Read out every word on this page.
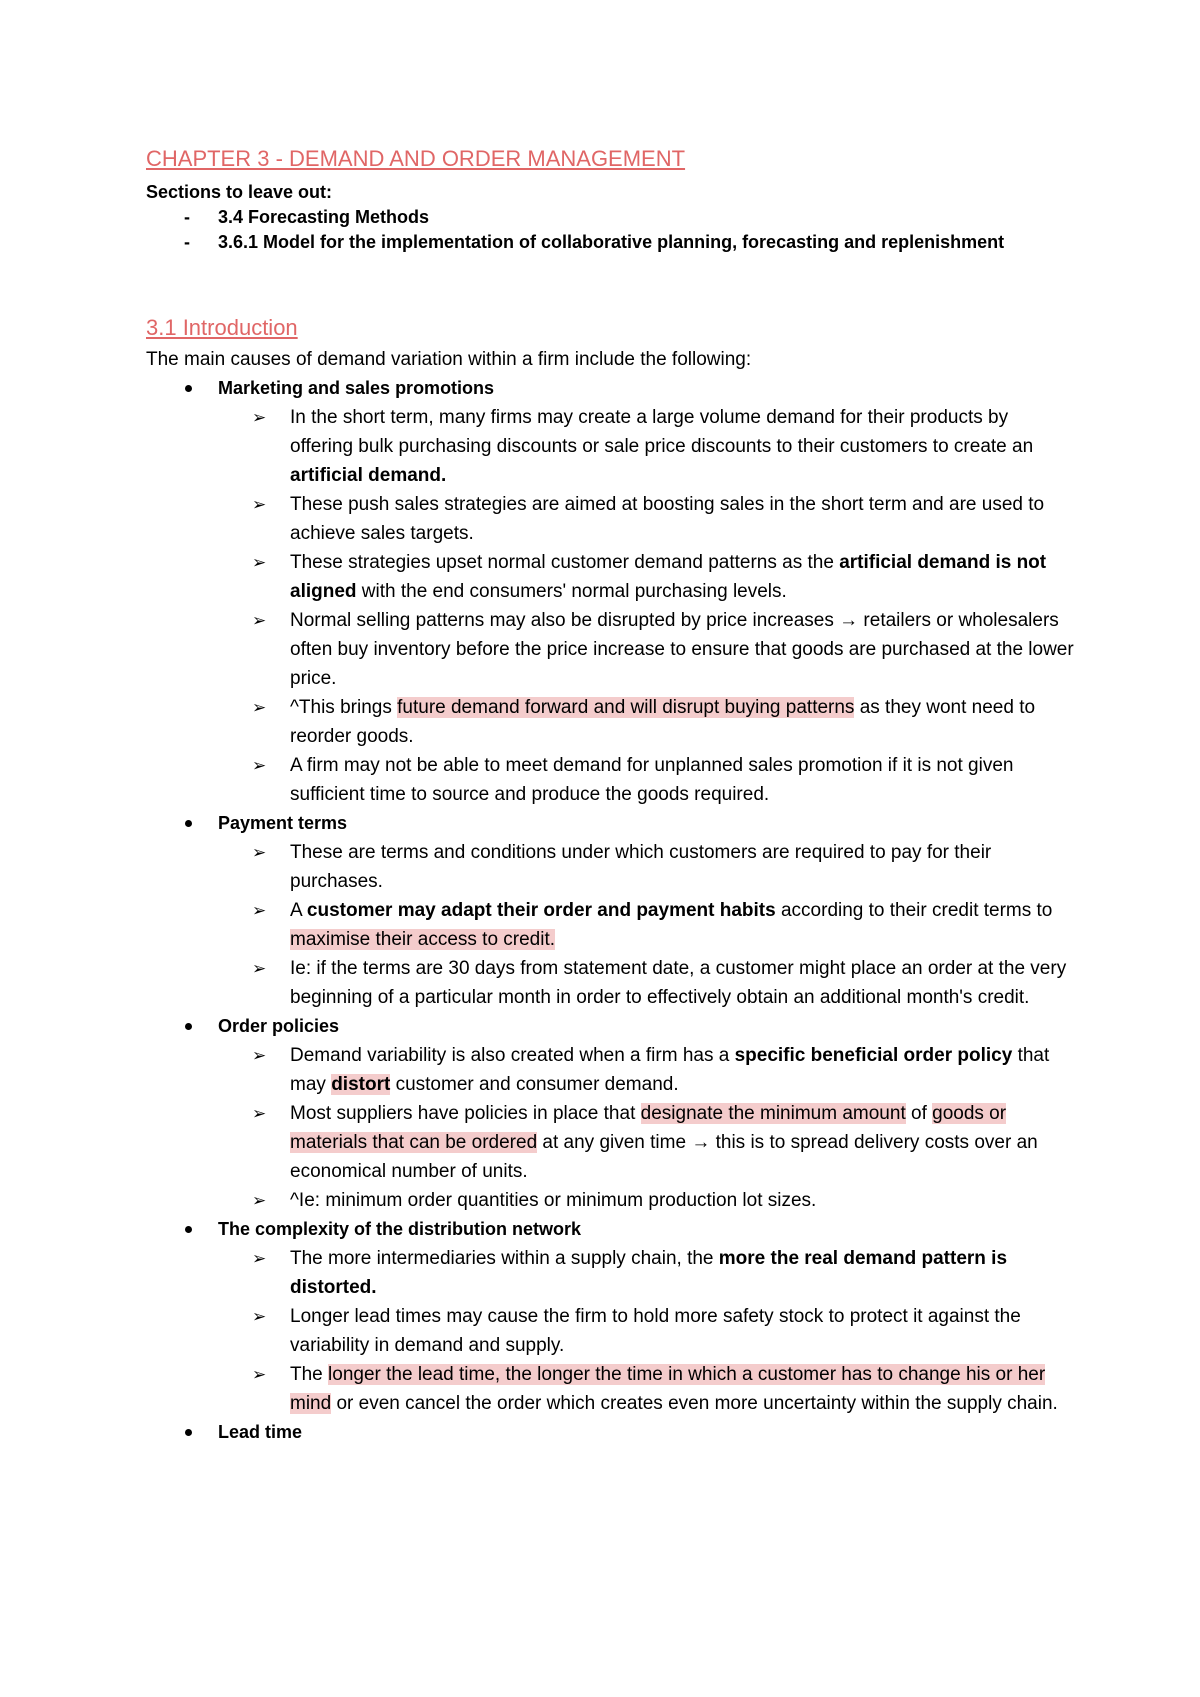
CHAPTER 3 - DEMAND AND ORDER MANAGEMENT

Sections to leave out:

- 3.4 Forecasting Methods
- 3.6.1 Model for the implementation of collaborative planning, forecasting and replenishment
3.1 Introduction

The main causes of demand variation within a firm include the following:

Marketing and sales promotions
➢ In the short term, many firms may create a large volume demand for their products by offering bulk purchasing discounts or sale price discounts to their customers to create an artificial demand.
➢ These push sales strategies are aimed at boosting sales in the short term and are used to achieve sales targets.
➢ These strategies upset normal customer demand patterns as the artificial demand is not aligned with the end consumers' normal purchasing levels.
➢ Normal selling patterns may also be disrupted by price increases → retailers or wholesalers often buy inventory before the price increase to ensure that goods are purchased at the lower price.
➢ ^This brings future demand forward and will disrupt buying patterns as they wont need to reorder goods.
➢ A firm may not be able to meet demand for unplanned sales promotion if it is not given sufficient time to source and produce the goods required.
Payment terms
➢ These are terms and conditions under which customers are required to pay for their purchases.
➢ A customer may adapt their order and payment habits according to their credit terms to maximise their access to credit.
➢ Ie: if the terms are 30 days from statement date, a customer might place an order at the very beginning of a particular month in order to effectively obtain an additional month's credit.
Order policies
➢ Demand variability is also created when a firm has a specific beneficial order policy that may distort customer and consumer demand.
➢ Most suppliers have policies in place that designate the minimum amount of goods or materials that can be ordered at any given time → this is to spread delivery costs over an economical number of units.
➢ ^Ie: minimum order quantities or minimum production lot sizes.
The complexity of the distribution network
➢ The more intermediaries within a supply chain, the more the real demand pattern is distorted.
➢ Longer lead times may cause the firm to hold more safety stock to protect it against the variability in demand and supply.
➢ The longer the lead time, the longer the time in which a customer has to change his or her mind or even cancel the order which creates even more uncertainty within the supply chain.
Lead time
